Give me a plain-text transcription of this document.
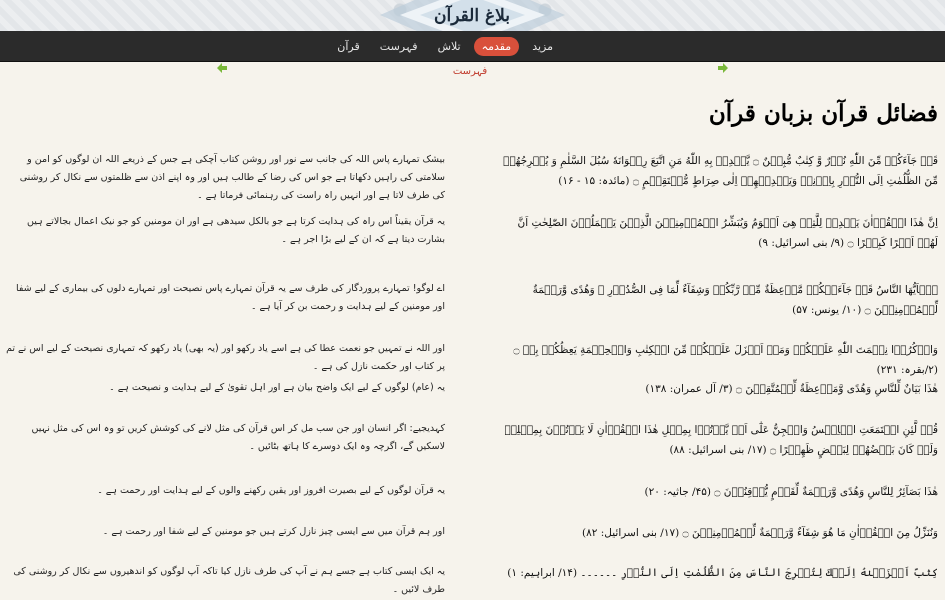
بلاغ القرآن
قرآن	فہرست	تلاش	مقدمہ	مزید
فہرست
فضائل قرآن بزبان قرآن
قَدۡ جَآءَكُمۡ مِّنَ اللّٰهِ نُوۡرٌ وَّ كِتٰبٌ مُّبِيۡنٌ ۝ يَّهۡدِىۡ بِهِ اللّٰهُ مَنِ اتَّبَعَ رِضۡوَانَهٗ سُبُلَ السَّلٰمِ وَ يُخۡرِجُهُمۡ مِّنَ الظُّلُمٰتِ اِلَى النُّوۡرِ بِاِذۡنِهٖ وَيَهۡدِيۡهِمۡ اِلٰى صِرَاطٍ مُّسۡتَقِيۡمٍ ۝ (مائدہ: ۱۵ - ۱۶)
بیشک تمہارے پاس اللہ کی جانب سے نور اور روشن کتاب آچکی ہے جس کے ذریعے اللہ ان لوگوں کو امن و سلامتی کی راہیں دکھاتا ہے جو اس کی رضا کے طالب ہیں اور وہ اپنے اذن سے ظلمتوں سے نکال کر روشنی کی طرف لاتا ہے اور انہیں راہ راست کی رہنمائی فرماتا ہے ۔
اِنَّ هٰذَا الۡقُرۡاٰنَ يَهۡدِىۡ لِلَّتِىۡ هِىَ اَقۡوَمُ وَيُبَشِّرُ الۡمُؤۡمِنِيۡنَ الَّذِيۡنَ يَعۡمَلُوۡنَ الصّٰلِحٰتِ اَنَّ لَهُمۡ اَجۡرًا كَبِيۡرًا ۝ (۹/ بنی اسرائیل: ۹)
یہ قرآن یقیناً اس راہ کی ہدایت کرتا ہے جو بالکل سیدھی ہے اور ان مومنین کو جو نیک اعمال بجالاتے ہیں بشارت دیتا ہے کہ ان کے لیے بڑا اجر ہے ۔
يٰۤاَيُّهَا النَّاسُ قَدۡ جَآءَتۡكُمۡ مَّوۡعِظَةٌ مِّنۡ رَّبِّكُمۡ وَشِفَآءٌ لِّمَا فِى الصُّدُوۡرِ ۙ وَهُدًى وَّرَحۡمَةٌ لِّلۡمُؤۡمِنِيۡنَ ۝ (۱۰/ یونس: ۵۷)
اے لوگو! تمہارے پروردگار کی طرف سے یہ قرآن تمہارے پاس نصیحت اور تمہارے دلوں کی بیماری کے لیے شفا اور مومنین کے لیے ہدایت و رحمت بن کر آیا ہے ۔
وَاذۡكُرُوۡا نِعۡمَتَ اللّٰهِ عَلَيۡكُمۡ وَمَاۤ اَنۡزَلَ عَلَيۡكُمۡ مِّنَ الۡكِتٰبِ وَالۡحِكۡمَةِ يَعِظُكُمۡ بِهٖ ۝ (۲/بقرہ: ۲۳۱)
اور اللہ نے تمہیں جو نعمت عطا کی ہے اسے یاد رکھو اور (یہ بھی) یاد رکھو کہ تمہاری نصیحت کے لیے اس نے تم پر کتاب اور حکمت نازل کی ہے ۔
هٰذَا بَيَانٌ لِّلنَّاسِ وَهُدًى وَّمَوۡعِظَةٌ لِّلۡمُتَّقِيۡنَ ۝ (۳/ آل عمران: ۱۳۸)
یہ (عام) لوگوں کے لیے ایک واضح بیان ہے اور اہل تقویٰ کے لیے ہدایت و نصیحت ہے ۔
قُلۡ لَّئِنِ اجۡتَمَعَتِ الۡاِنۡسُ وَالۡجِنُّ عَلٰٓى اَنۡ يَّاۡتُوۡا بِمِثۡلِ هٰذَا الۡقُرۡاٰنِ لَا يَاۡتُوۡنَ بِمِثۡلِهٖ وَلَوۡ كَانَ بَعۡضُهُمۡ لِبَعۡضٍ ظَهِيۡرًا ۝ (۱۷/ بنی اسرائیل: ۸۸)
کہدیجیے: اگر انسان اور جن سب مل کر اس قرآن کی مثل لانے کی کوشش کریں تو وہ اس کی مثل نہیں لاسکیں گے، اگرچہ وہ ایک دوسرے کا ہاتھ بٹائیں ۔
هٰذَا بَصَآئِرُ لِلنَّاسِ وَهُدًى وَّرَحۡمَةٌ لِّقَوۡمٍ يُّوۡقِنُوۡنَ ۝ (۴۵/ جاثیہ: ۲۰)
یہ قرآن لوگوں کے لیے بصیرت افروز اور یقین رکھنے والوں کے لیے ہدایت اور رحمت ہے ۔
وَنُنَزِّلُ مِنَ الۡقُرۡاٰنِ مَا هُوَ شِفَآءٌ وَّرَحۡمَةٌ لِّلۡمُؤۡمِنِيۡنَ ۝ (۱۷/ بنی اسرائیل: ۸۲)
اور ہم قرآن میں سے ایسی چیز نازل کرتے ہیں جو مومنین کے لیے شفا اور رحمت ہے ۔
كِتٰبٌ اَنۡزَلۡنٰهُ اِلَيۡكَ لِتُخۡرِجَ النَّاسَ مِنَ الظُّلُمٰتِ اِلَى النُّوۡرِ ۔۔۔۔۔۔ (۱۴/ ابراہیم: ۱)
یہ ایک ایسی کتاب ہے جسے ہم نے آپ کی طرف نازل کیا تاکہ آپ لوگوں کو اندھیروں سے نکال کر روشنی کی طرف لائیں ۔
